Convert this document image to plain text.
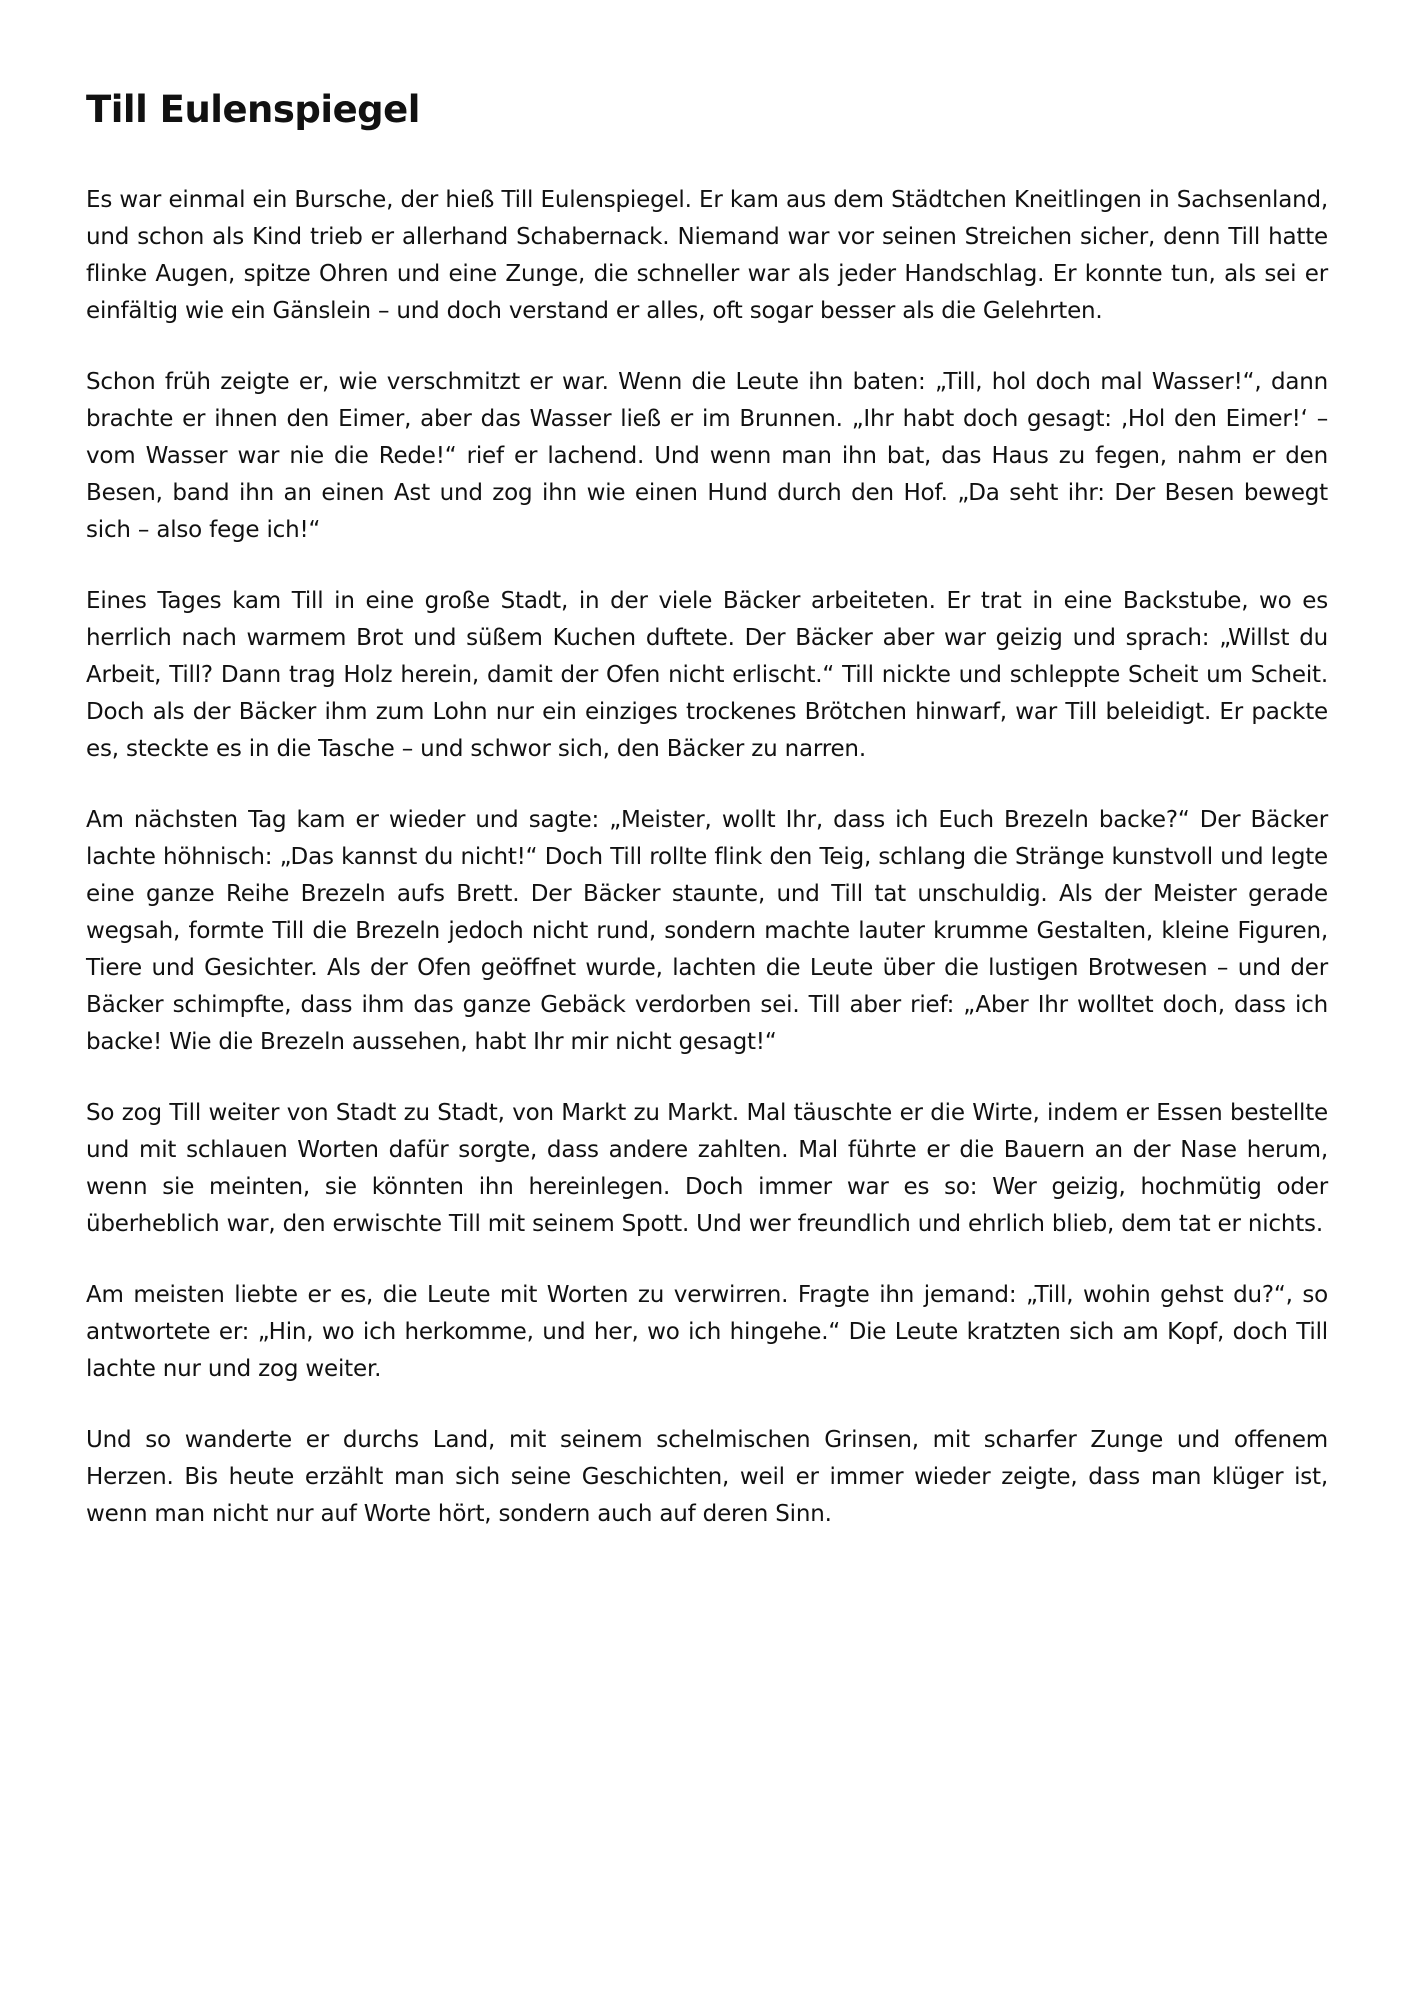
Till Eulenspiegel

Es war einmal ein Bursche, der hieß Till Eulenspiegel. Er kam aus dem Städtchen Kneitlingen in Sachsenland, und schon als Kind trieb er allerhand Schabernack. Niemand war vor seinen Streichen sicher, denn Till hatte flinke Augen, spitze Ohren und eine Zunge, die schneller war als jeder Handschlag. Er konnte tun, als sei er einfältig wie ein Gänslein – und doch verstand er alles, oft sogar besser als die Gelehrten.

Schon früh zeigte er, wie verschmitzt er war. Wenn die Leute ihn baten: „Till, hol doch mal Wasser!“, dann brachte er ihnen den Eimer, aber das Wasser ließ er im Brunnen. „Ihr habt doch gesagt: ‚Hol den Eimer!‘ – vom Wasser war nie die Rede!“ rief er lachend. Und wenn man ihn bat, das Haus zu fegen, nahm er den Besen, band ihn an einen Ast und zog ihn wie einen Hund durch den Hof. „Da seht ihr: Der Besen bewegt sich – also fege ich!“

Eines Tages kam Till in eine große Stadt, in der viele Bäcker arbeiteten. Er trat in eine Backstube, wo es herrlich nach warmem Brot und süßem Kuchen duftete. Der Bäcker aber war geizig und sprach: „Willst du Arbeit, Till? Dann trag Holz herein, damit der Ofen nicht erlischt.“ Till nickte und schleppte Scheit um Scheit. Doch als der Bäcker ihm zum Lohn nur ein einziges trockenes Brötchen hinwarf, war Till beleidigt. Er packte es, steckte es in die Tasche – und schwor sich, den Bäcker zu narren.

Am nächsten Tag kam er wieder und sagte: „Meister, wollt Ihr, dass ich Euch Brezeln backe?“ Der Bäcker lachte höhnisch: „Das kannst du nicht!“ Doch Till rollte flink den Teig, schlang die Stränge kunstvoll und legte eine ganze Reihe Brezeln aufs Brett. Der Bäcker staunte, und Till tat unschuldig. Als der Meister gerade wegsah, formte Till die Brezeln jedoch nicht rund, sondern machte lauter krumme Gestalten, kleine Figuren, Tiere und Gesichter. Als der Ofen geöffnet wurde, lachten die Leute über die lustigen Brotwesen – und der Bäcker schimpfte, dass ihm das ganze Gebäck verdorben sei. Till aber rief: „Aber Ihr wolltet doch, dass ich backe! Wie die Brezeln aussehen, habt Ihr mir nicht gesagt!“

So zog Till weiter von Stadt zu Stadt, von Markt zu Markt. Mal täuschte er die Wirte, indem er Essen bestellte und mit schlauen Worten dafür sorgte, dass andere zahlten. Mal führte er die Bauern an der Nase herum, wenn sie meinten, sie könnten ihn hereinlegen. Doch immer war es so: Wer geizig, hochmütig oder überheblich war, den erwischte Till mit seinem Spott. Und wer freundlich und ehrlich blieb, dem tat er nichts.

Am meisten liebte er es, die Leute mit Worten zu verwirren. Fragte ihn jemand: „Till, wohin gehst du?“, so antwortete er: „Hin, wo ich herkomme, und her, wo ich hingehe.“ Die Leute kratzten sich am Kopf, doch Till lachte nur und zog weiter.

Und so wanderte er durchs Land, mit seinem schelmischen Grinsen, mit scharfer Zunge und offenem Herzen. Bis heute erzählt man sich seine Geschichten, weil er immer wieder zeigte, dass man klüger ist, wenn man nicht nur auf Worte hört, sondern auch auf deren Sinn.
